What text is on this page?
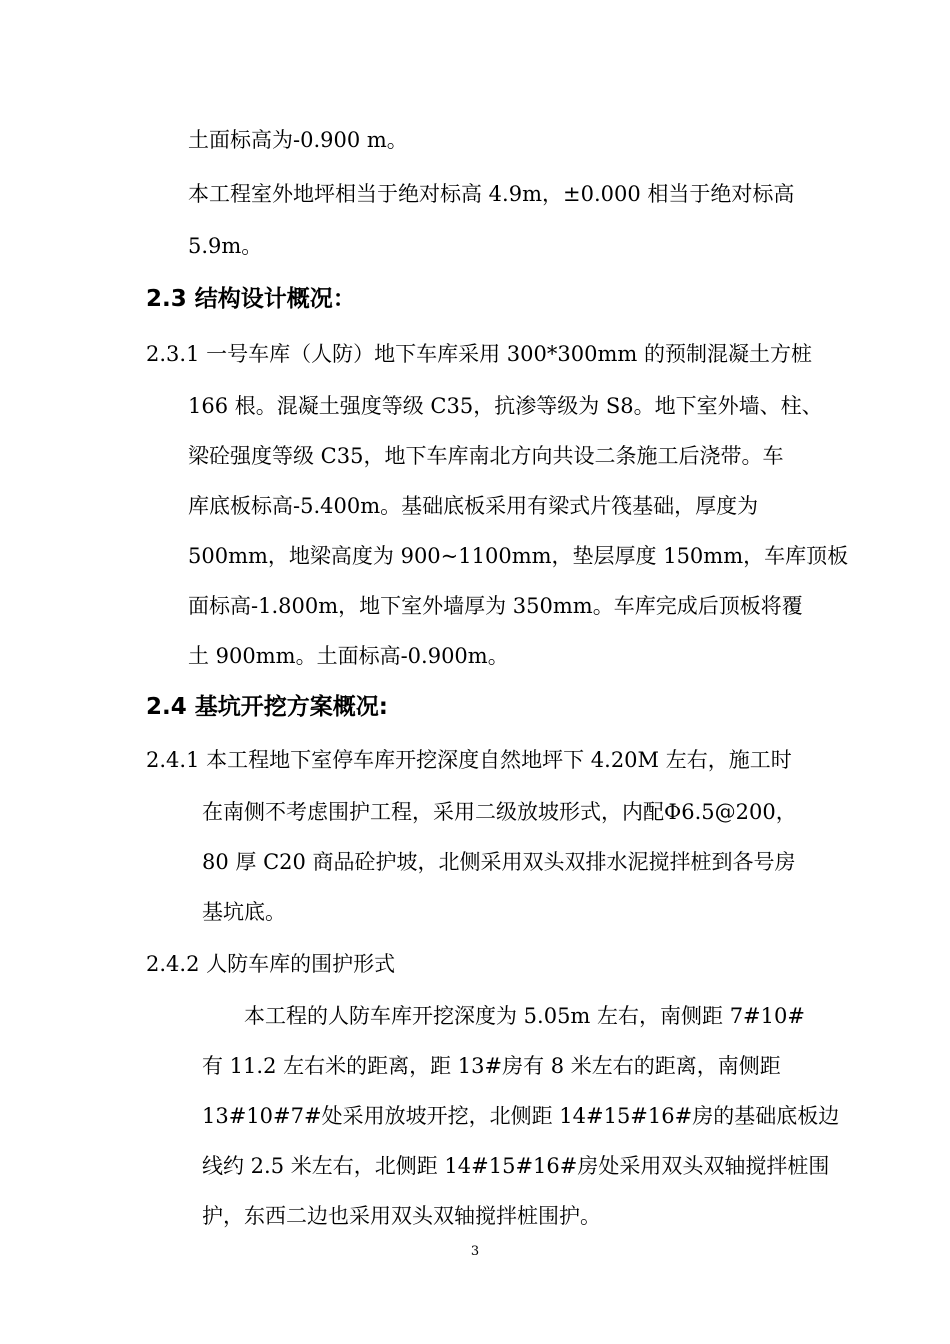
土面标高为-0.900 m。

本工程室外地坪相当于绝对标高 4.9m，±0.000 相当于绝对标高

5.9m。

2.3 结构设计概况：

2.3.1 一号车库（人防）地下车库采用 300*300mm 的预制混凝土方桩

166 根。混凝土强度等级 C35，抗渗等级为 S8。地下室外墙、柱、

梁砼强度等级 C35，地下车库南北方向共设二条施工后浇带。车

库底板标高-5.400m。基础底板采用有梁式片筏基础，厚度为

500mm，地梁高度为 900~1100mm，垫层厚度 150mm，车库顶板

面标高-1.800m，地下室外墙厚为 350mm。车库完成后顶板将覆

土 900mm。土面标高-0.900m。

2.4 基坑开挖方案概况:

2.4.1 本工程地下室停车库开挖深度自然地坪下 4.20M 左右，施工时

在南侧不考虑围护工程，采用二级放坡形式，内配Φ6.5@200，

80 厚 C20 商品砼护坡，北侧采用双头双排水泥搅拌桩到各号房

基坑底。

2.4.2 人防车库的围护形式

本工程的人防车库开挖深度为 5.05m 左右，南侧距 7#10#

有 11.2 左右米的距离，距 13#房有 8 米左右的距离，南侧距

13#10#7#处采用放坡开挖，北侧距 14#15#16#房的基础底板边

线约 2.5 米左右，北侧距 14#15#16#房处采用双头双轴搅拌桩围

护，东西二边也采用双头双轴搅拌桩围护。

3
